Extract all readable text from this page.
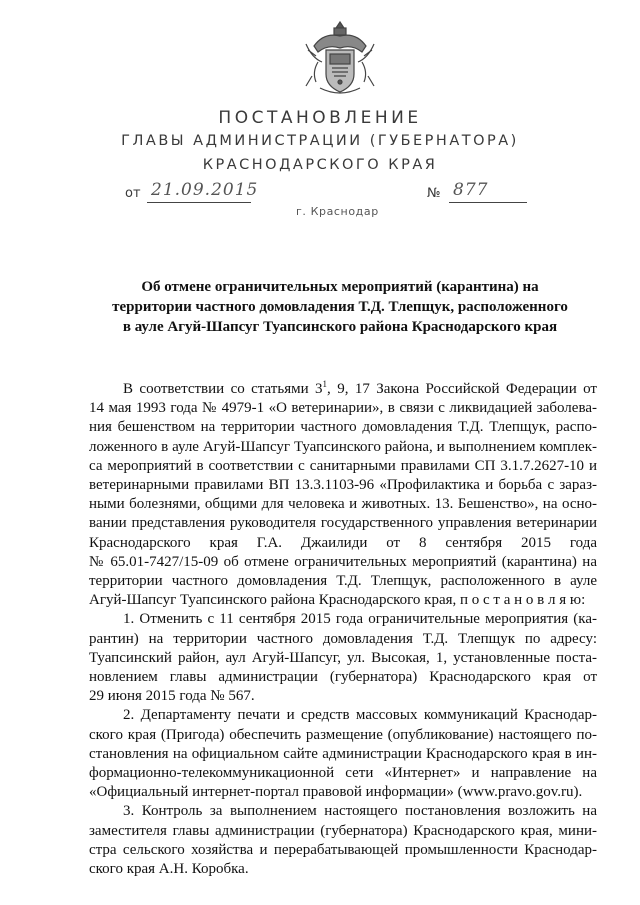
ПОСТАНОВЛЕНИЕ
ГЛАВЫ АДМИНИСТРАЦИИ (ГУБЕРНАТОРА)
КРАСНОДАРСКОГО КРАЯ
от 21.09.2015	№ 877
г. Краснодар
Об отмене ограничительных мероприятий (карантина) на
территории частного домовладения Т.Д. Тлепщук, расположенного
в ауле Агуй-Шапсуг Туапсинского района Краснодарского края

В соответствии со статьями $3^1$, 9, 17 Закона Российской Федерации от
14 мая 1993 года № 4979-1 «О ветеринарии», в связи с ликвидацией заболева-
ния бешенством на территории частного домовладения Т.Д. Тлепщук, распо-
ложенного в ауле Агуй-Шапсуг Туапсинского района, и выполнением комплек-
са мероприятий в соответствии с санитарными правилами СП 3.1.7.2627-10 и
ветеринарными правилами ВП 13.3.1103-96 «Профилактика и борьба с зараз-
ными болезнями, общими для человека и животных. 13. Бешенство», на осно-
вании представления руководителя государственного управления ветеринарии
Краснодарского края Г.А. Джаилиди от 8 сентября 2015 года
№ 65.01-7427/15-09 об отмене ограничительных мероприятий (карантина) на
территории частного домовладения Т.Д. Тлепщук, расположенного в ауле
Агуй-Шапсуг Туапсинского района Краснодарского края, п о с т а н о в л я ю:

1. Отменить с 11 сентября 2015 года ограничительные мероприятия (ка-
рантин) на территории частного домовладения Т.Д. Тлепщук по адресу:
Туапсинский район, аул Агуй-Шапсуг, ул. Высокая, 1, установленные поста-
новлением главы администрации (губернатора) Краснодарского края от
29 июня 2015 года № 567.

2. Департаменту печати и средств массовых коммуникаций Краснодар-
ского края (Пригода) обеспечить размещение (опубликование) настоящего по-
становления на официальном сайте администрации Краснодарского края в ин-
формационно-телекоммуникационной сети «Интернет» и направление на
«Официальный интернет-портал правовой информации» (www.pravo.gov.ru).

3. Контроль за выполнением настоящего постановления возложить на
заместителя главы администрации (губернатора) Краснодарского края, мини-
стра сельского хозяйства и перерабатывающей промышленности Краснодар-
ского края А.Н. Коробка.
